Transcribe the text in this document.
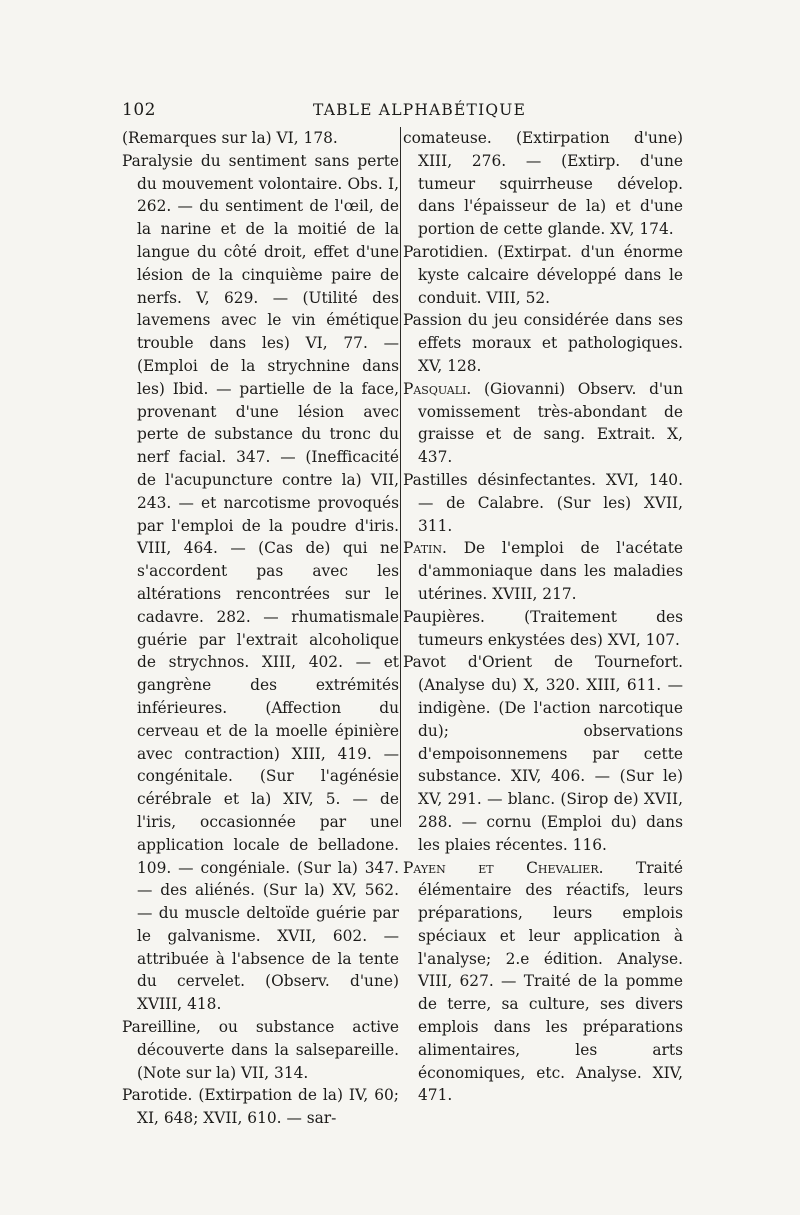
102	TABLE ALPHABÉTIQUE

(Remarques sur la) VI, 178.

Paralysie du sentiment sans perte du mouvement volontaire. Obs. I, 262. — du sentiment de l'œil, de la narine et de la moitié de la langue du côté droit, effet d'une lésion de la cinquième paire de nerfs. V, 629. — (Utilité des lavemens avec le vin émétique trouble dans les) VI, 77. — (Emploi de la strychnine dans les) Ibid. — partielle de la face, provenant d'une lésion avec perte de substance du tronc du nerf facial. 347. — (Inefficacité de l'acupuncture contre la) VII, 243. — et narcotisme provoqués par l'emploi de la poudre d'iris. VIII, 464. — (Cas de) qui ne s'accordent pas avec les altérations rencontrées sur le cadavre. 282. — rhumatismale guérie par l'extrait alcoholique de strychnos. XIII, 402. — et gangrène des extrémités inférieures. (Affection du cerveau et de la moelle épinière avec contraction) XIII, 419. — congénitale. (Sur l'agénésie cérébrale et la) XIV, 5. — de l'iris, occasionnée par une application locale de belladone. 109. — congéniale. (Sur la) 347. — des aliénés. (Sur la) XV, 562. — du muscle deltoïde guérie par le galvanisme. XVII, 602. — attribuée à l'absence de la tente du cervelet. (Observ. d'une) XVIII, 418.

Pareilline, ou substance active découverte dans la salsepareille. (Note sur la) VII, 314.

Parotide. (Extirpation de la) IV, 60; XI, 648; XVII, 610. — sar-

comateuse. (Extirpation d'une) XIII, 276. — (Extirp. d'une tumeur squirrheuse dévelop. dans l'épaisseur de la) et d'une portion de cette glande. XV, 174.

Parotidien. (Extirpat. d'un énorme kyste calcaire développé dans le conduit. VIII, 52.

Passion du jeu considérée dans ses effets moraux et pathologiques. XV, 128.

Pasquali. (Giovanni) Observ. d'un vomissement très-abondant de graisse et de sang. Extrait. X, 437.

Pastilles désinfectantes. XVI, 140. — de Calabre. (Sur les) XVII, 311.

Patin. De l'emploi de l'acétate d'ammoniaque dans les maladies utérines. XVIII, 217.

Paupières. (Traitement des tumeurs enkystées des) XVI, 107.

Pavot d'Orient de Tournefort. (Analyse du) X, 320. XIII, 611. — indigène. (De l'action narcotique du); observations d'empoisonnemens par cette substance. XIV, 406. — (Sur le) XV, 291. — blanc. (Sirop de) XVII, 288. — cornu (Emploi du) dans les plaies récentes. 116.

Payen et Chevalier. Traité élémentaire des réactifs, leurs préparations, leurs emplois spéciaux et leur application à l'analyse; 2.e édition. Analyse. VIII, 627. — Traité de la pomme de terre, sa culture, ses divers emplois dans les préparations alimentaires, les arts économiques, etc. Analyse. XIV, 471.
